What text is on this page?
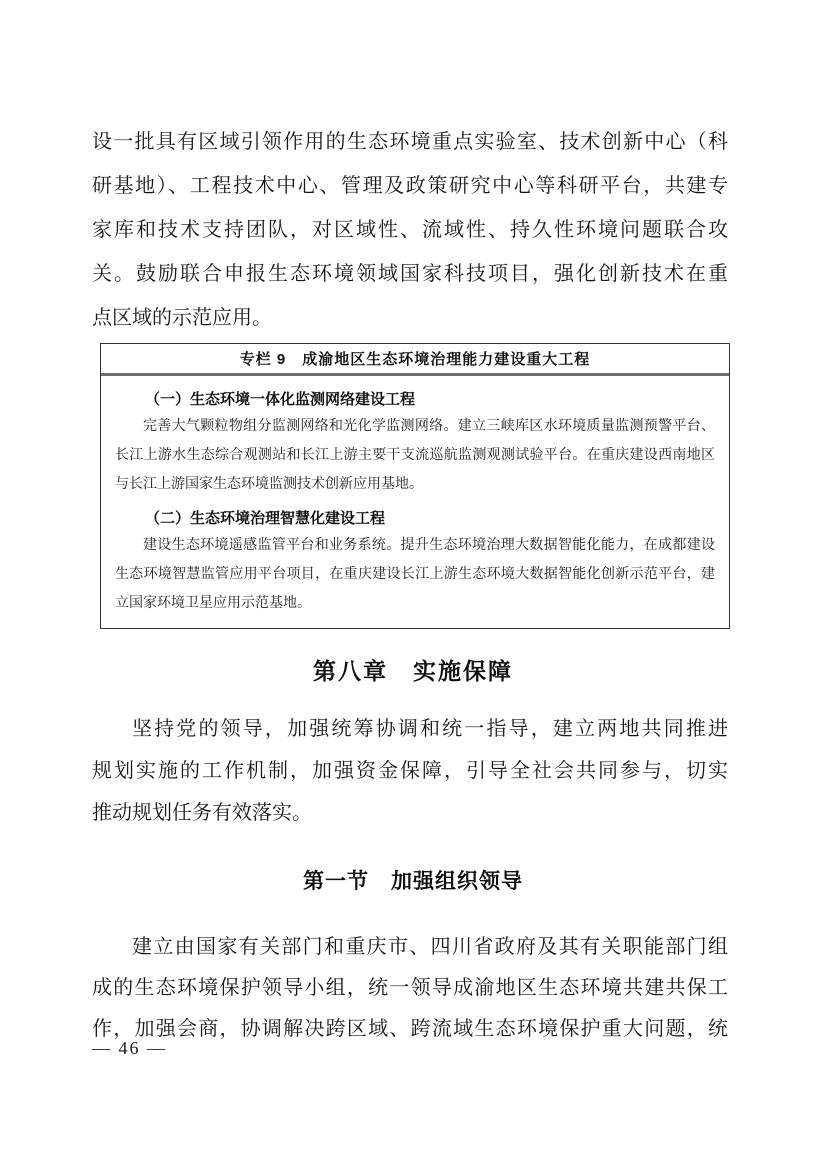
设一批具有区域引领作用的生态环境重点实验室、技术创新中心（科
研基地）、工程技术中心、管理及政策研究中心等科研平台，共建专
家库和技术支持团队，对区域性、流域性、持久性环境问题联合攻
关。鼓励联合申报生态环境领域国家科技项目，强化创新技术在重
点区域的示范应用。
专栏 9　成渝地区生态环境治理能力建设重大工程
（一）生态环境一体化监测网络建设工程
完善大气颗粒物组分监测网络和光化学监测网络。建立三峡库区水环境质量监测预警平台、
长江上游水生态综合观测站和长江上游主要干支流巡航监测观测试验平台。在重庆建设西南地区
与长江上游国家生态环境监测技术创新应用基地。
（二）生态环境治理智慧化建设工程
建设生态环境遥感监管平台和业务系统。提升生态环境治理大数据智能化能力，在成都建设
生态环境智慧监管应用平台项目，在重庆建设长江上游生态环境大数据智能化创新示范平台，建
立国家环境卫星应用示范基地。
第八章　实施保障
坚持党的领导，加强统筹协调和统一指导，建立两地共同推进
规划实施的工作机制，加强资金保障，引导全社会共同参与，切实
推动规划任务有效落实。
第一节　加强组织领导
建立由国家有关部门和重庆市、四川省政府及其有关职能部门组
成的生态环境保护领导小组，统一领导成渝地区生态环境共建共保工
作，加强会商，协调解决跨区域、跨流域生态环境保护重大问题，统
— 46 —
